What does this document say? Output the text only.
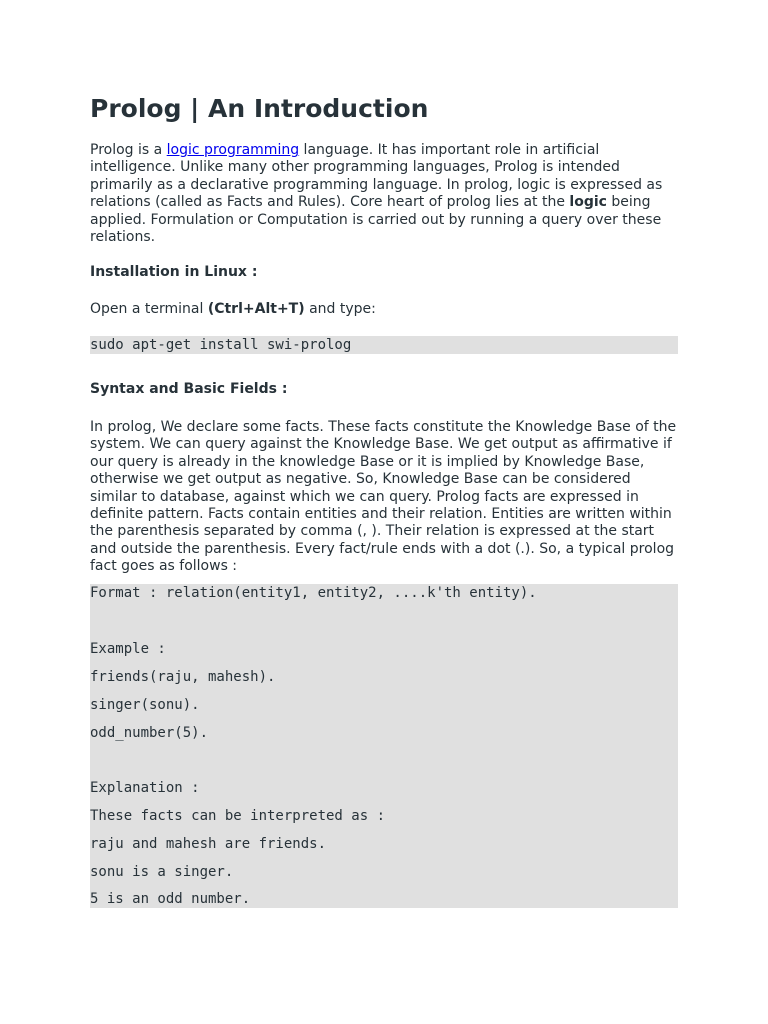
Prolog | An Introduction

Prolog is a logic programming language. It has important role in artificial intelligence. Unlike many other programming languages, Prolog is intended primarily as a declarative programming language. In prolog, logic is expressed as relations (called as Facts and Rules). Core heart of prolog lies at the logic being applied. Formulation or Computation is carried out by running a query over these relations.

Installation in Linux :

Open a terminal (Ctrl+Alt+T) and type:

sudo apt-get install swi-prolog
Syntax and Basic Fields :

In prolog, We declare some facts. These facts constitute the Knowledge Base of the system. We can query against the Knowledge Base. We get output as affirmative if our query is already in the knowledge Base or it is implied by Knowledge Base, otherwise we get output as negative. So, Knowledge Base can be considered similar to database, against which we can query. Prolog facts are expressed in definite pattern. Facts contain entities and their relation. Entities are written within the parenthesis separated by comma (, ). Their relation is expressed at the start and outside the parenthesis. Every fact/rule ends with a dot (.). So, a typical prolog fact goes as follows :

Format : relation(entity1, entity2, ....k'th entity).
Example :
friends(raju, mahesh).
singer(sonu).
odd_number(5).
Explanation :
These facts can be interpreted as :
raju and mahesh are friends.
sonu is a singer.
5 is an odd number.
